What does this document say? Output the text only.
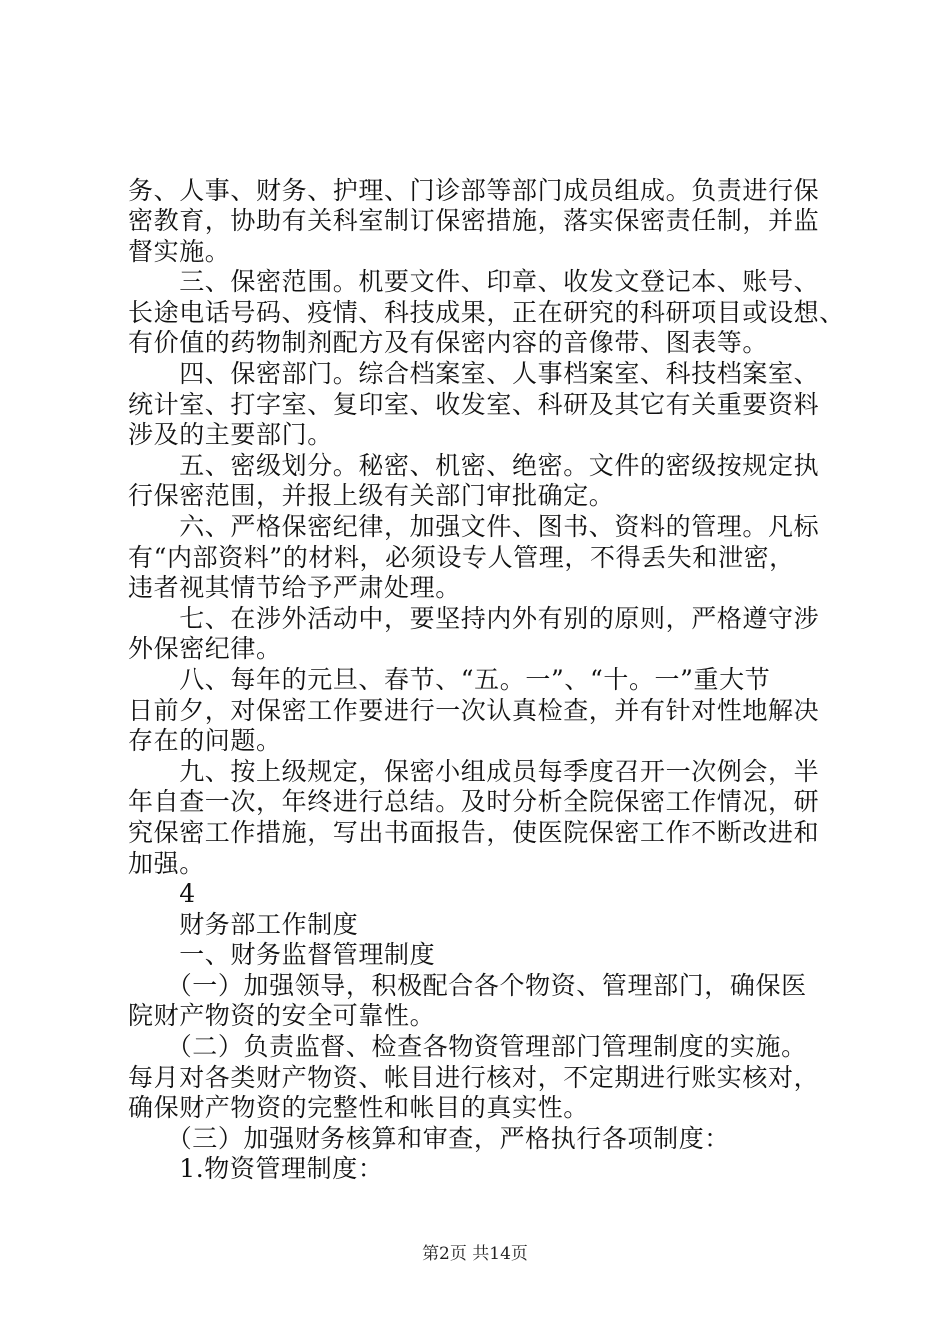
务、人事、财务、护理、门诊部等部门成员组成。负责进行保
密教育，协助有关科室制订保密措施，落实保密责任制，并监
督实施。
　　三、保密范围。机要文件、印章、收发文登记本、账号、
长途电话号码、疫情、科技成果，正在研究的科研项目或设想、
有价值的药物制剂配方及有保密内容的音像带、图表等。
　　四、保密部门。综合档案室、人事档案室、科技档案室、
统计室、打字室、复印室、收发室、科研及其它有关重要资料
涉及的主要部门。
　　五、密级划分。秘密、机密、绝密。文件的密级按规定执
行保密范围，并报上级有关部门审批确定。
　　六、严格保密纪律，加强文件、图书、资料的管理。凡标
有“内部资料”的材料，必须设专人管理，不得丢失和泄密，
违者视其情节给予严肃处理。
　　七、在涉外活动中，要坚持内外有别的原则，严格遵守涉
外保密纪律。
　　八、每年的元旦、春节、“五。一”、“十。一”重大节
日前夕，对保密工作要进行一次认真检查，并有针对性地解决
存在的问题。
　　九、按上级规定，保密小组成员每季度召开一次例会，半
年自查一次，年终进行总结。及时分析全院保密工作情况，研
究保密工作措施，写出书面报告，使医院保密工作不断改进和
加强。
　　4
　　财务部工作制度
　　一、财务监督管理制度
　　（一）加强领导，积极配合各个物资、管理部门，确保医
院财产物资的安全可靠性。
　　（二）负责监督、检查各物资管理部门管理制度的实施。
每月对各类财产物资、帐目进行核对，不定期进行账实核对，
确保财产物资的完整性和帐目的真实性。
　　（三）加强财务核算和审查，严格执行各项制度：
　　1.物资管理制度：
第2页 共14页
